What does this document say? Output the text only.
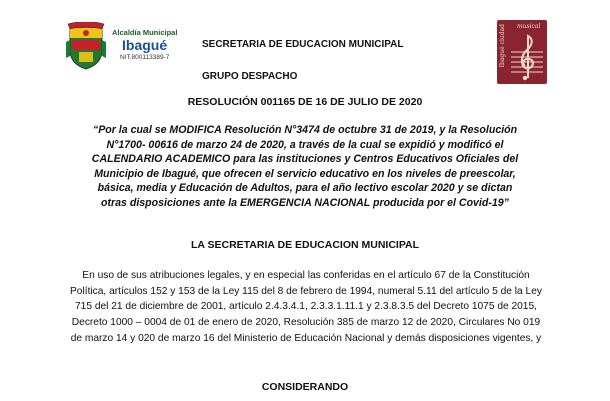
Alcaldía Municipal
Ibagué
NIT.800113389-7
SECRETARIA DE EDUCACION MUNICIPAL
GRUPO DESPACHO
musical
Ibagué ciudad
RESOLUCIÓN 001165 DE 16 DE JULIO DE 2020
“Por la cual se MODIFICA Resolución N°3474 de octubre 31 de 2019, y la Resolución N°1700- 00616 de marzo 24 de 2020, a través de la cual se expidió y modificó el CALENDARIO ACADEMICO para las instituciones y Centros Educativos Oficiales del Municipio de Ibagué, que ofrecen el servicio educativo en los niveles de preescolar, básica, media y Educación de Adultos, para el año lectivo escolar 2020 y se dictan otras disposiciones ante la EMERGENCIA NACIONAL producida por el Covid-19”
LA SECRETARIA DE EDUCACION MUNICIPAL
En uso de sus atribuciones legales, y en especial las conferidas en el artículo 67 de la Constitución Política, artículos 152 y 153 de la Ley 115 del 8 de febrero de 1994, numeral 5.11 del artículo 5 de la Ley 715 del 21 de diciembre de 2001, artículo 2.4.3.4.1, 2.3.3.1.11.1 y 2.3.8.3.5 del Decreto 1075 de 2015, Decreto 1000 – 0004 de 01 de enero de 2020, Resolución 385 de marzo 12 de 2020, Circulares No 019 de marzo 14 y 020 de marzo 16 del Ministerio de Educación Nacional y demás disposiciones vigentes, y
CONSIDERANDO
